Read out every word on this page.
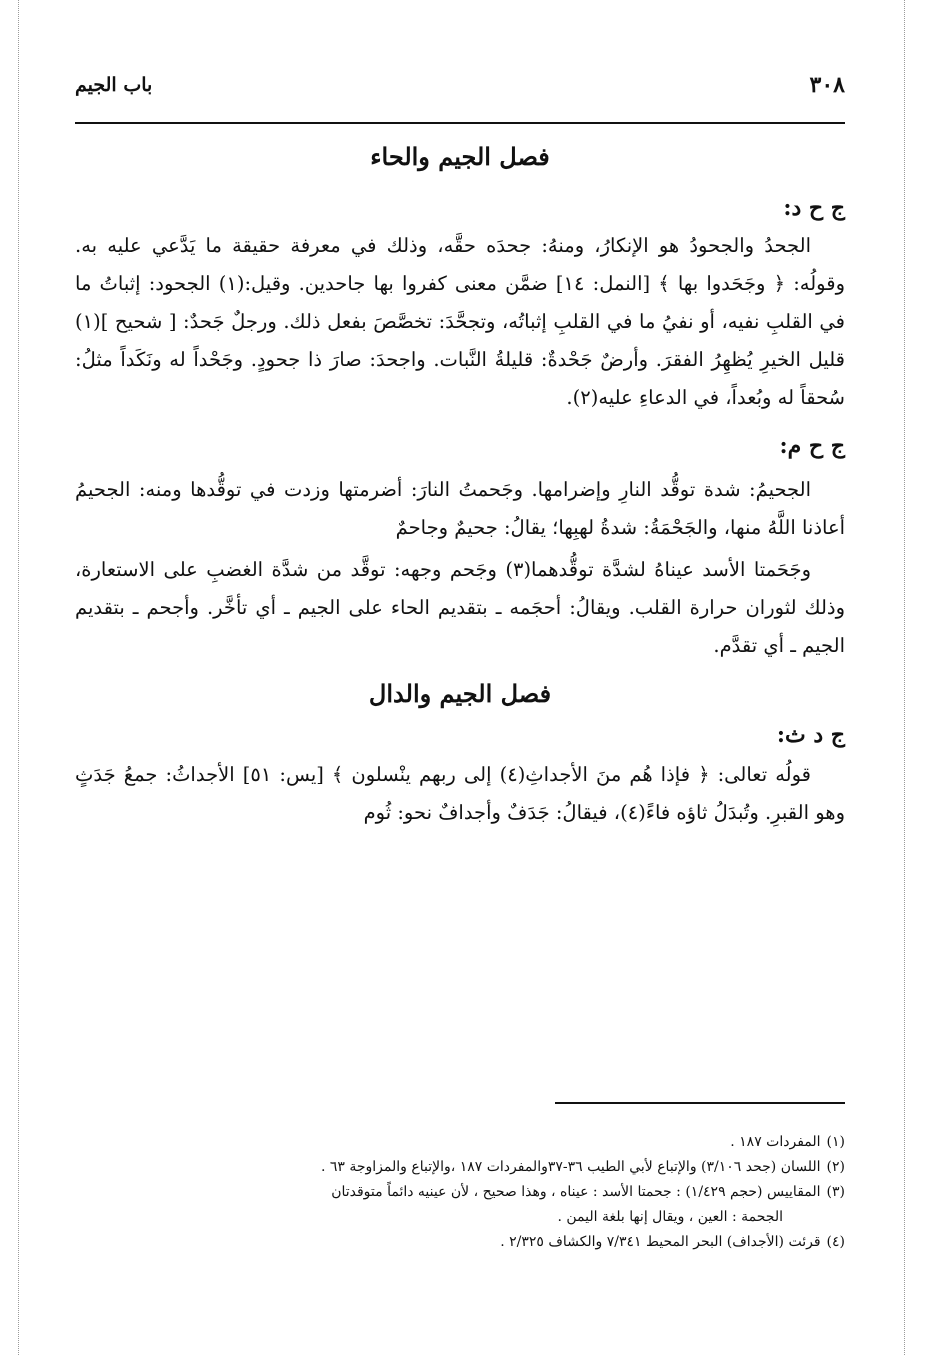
٣٠٨
باب الجيم
فصل الجيم والحاء
ج ح د:

الجحدُ والجحودُ هو الإنكارُ، ومنهُ: جحدَه حقَّه، وذلك في معرفة حقيقة ما يَدَّعي عليه به. وقولُه: ﴿ وجَحَدوا بها ﴾ [النمل: ١٤] ضمَّن معنى كفروا بها جاحدين. وقيل:(١) الجحود: إثباتُ ما في القلبِ نفيه، أو نفيُ ما في القلبِ إثباتُه، وتجحَّدَ: تخصَّصَ بفعل ذلك. ورجلٌ جَحدٌ: [ شحيح ](١) قليل الخيرِ يُظهِرُ الفقرَ. وأرضٌ جَحْدةٌ: قليلةُ النَّبات. واجحدَ: صارَ ذا جحودٍ. وجَحْداً له ونَكَداً مثلُ: سُحقاً له وبُعداً، في الدعاءِ عليه(٢).

ج ح م:

الجحيمُ: شدة توقُّد النارِ وإضرامها. وجَحمتُ النارَ: أضرمتها وزدت في توقُّدها ومنه: الجحيمُ أعاذنا اللَّهُ منها، والجَحْمَةُ: شدةُ لهبِها؛ يقالُ: جحيمٌ وجاحمٌ

وجَحَمتا الأسد عيناهُ لشدَّة توقُّدهما(٣) وجَحم وجهه: توقَّد من شدَّة الغضبِ على الاستعارة، وذلك لثوران حرارة القلب. ويقالُ: أحجَمه ـ بتقديم الحاء على الجيم ـ أي تأخَّر. وأجحم ـ بتقديم الجيم ـ أي تقدَّم.

فصل الجيم والدال
ج د ث:

قولُه تعالى: ﴿ فإذا هُم منَ الأجداثِ(٤) إلى ربهم ينْسلون ﴾ [يس: ٥١] الأجداثُ: جمعُ جَدَثٍ وهو القبرِ. وتُبدَلُ ثاؤه فاءً(٤)، فيقالُ: جَدَفٌ وأجدافٌ نحو: ثُوم

(١)
المفردات ١٨٧ .
(٢)
اللسان (جحد ٣/١٠٦) والإتباع لأبي الطيب ٣٦-٣٧والمفردات ١٨٧ ،والإتباع والمزاوجة ٦٣ .
(٣)
المقاييس (حجم ١/٤٢٩) : جحمتا الأسد : عيناه ، وهذا صحيح ، لأن عينيه دائماً متوقدتان
الجحمة : العين ، ويقال إنها بلغة اليمن .
(٤)
قرئت (الأجداف) البحر المحيط ٧/٣٤١ والكشاف ٢/٣٢٥ .
